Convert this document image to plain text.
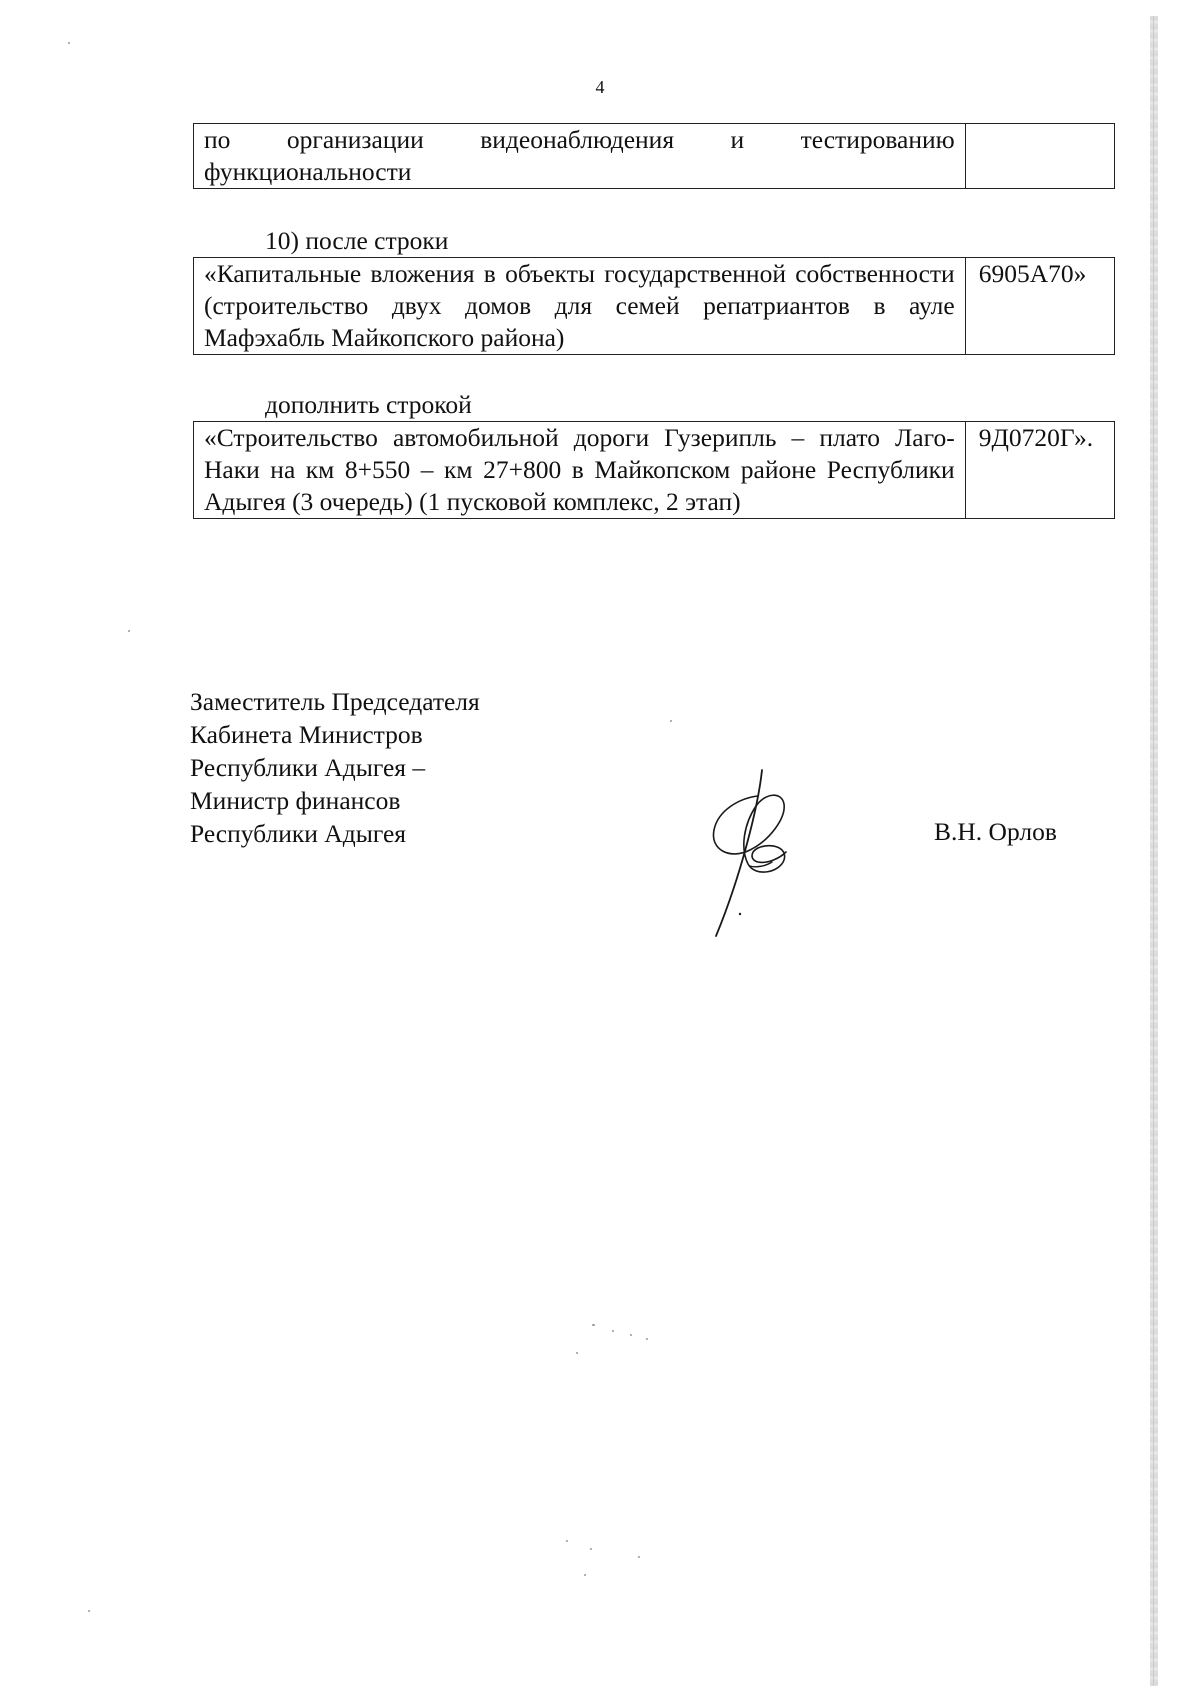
4
по организации видеонаблюдения и тестированию функциональности	
10) после строки
«Капитальные вложения в объекты государственной собственности (строительство двух домов для семей репатриантов в ауле Мафэхабль Майкопского района)	6905A70»
дополнить строкой
«Строительство автомобильной дороги Гузерипль – плато Лаго-Наки на км 8+550 – км 27+800 в Майкопском районе Республики Адыгея (3 очередь) (1 пусковой комплекс, 2 этап)	9Д0720Г».
Заместитель Председателя
Кабинета Министров
Республики Адыгея –
Министр финансов
Республики Адыгея	В.Н. Орлов
